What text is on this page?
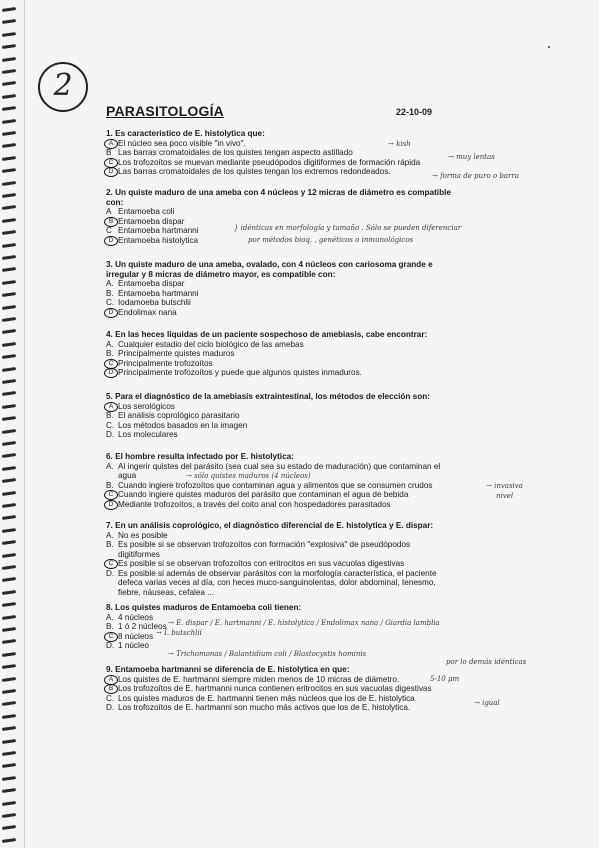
2
PARASITOLOGÍA	22-10-09
1. Es característico de E. histolytica que:
A El núcleo sea poco visible "in vivo".
B Las barras cromatoidales de los quistes tengan aspecto astillado
C Los trofozoítos se muevan mediante pseudópodos digitiformes de formación rápida
D Las barras cromatoidales de los quistes tengan los extremos redondeados.
2. Un quiste maduro de una ameba con 4 núcleos y 12 micras de diámetro es compatible
con:
A Entamoeba coli
B Entamoeba dispar
C Entamoeba hartmanni
D Entamoeba histolytica
3. Un quiste maduro de una ameba, ovalado, con 4 núcleos con cariosoma grande e
irregular y 8 micras de diámetro mayor, es compatible con:
A. Entamoeba dispar
B. Entamoeba hartmanni
C. Iodamoeba butschlii
D Endolimax nana
4. En las heces líquidas de un paciente sospechoso de amebiasis, cabe encontrar:
A. Cualquier estadio del ciclo biológico de las amebas
B. Principalmente quistes maduros
C Principalmente trofozoítos
D Principalmente trofozoítos y puede que algunos quistes inmaduros.
5. Para el diagnóstico de la amebiasis extraintestinal, los métodos de elección son:
A Los serológicos
B. El análisis coprológico parasitario
C. Los métodos basados en la imagen
D. Los moleculares
6. El hombre resulta infectado por E. histolytica:
A. Al ingerir quistes del parásito (sea cual sea su estado de maduración) que contaminan el
agua
B. Cuando ingiere trofozoítos que contaminan agua y alimentos que se consumen crudos
C Cuando ingiere quistes maduros del parásito que contaminan el agua de bebida
D Mediante trofozoítos, a través del coito anal con hospedadores parasitados
7. En un análisis coprológico, el diagnóstico diferencial de E. histolytica y E. dispar:
A. No es posible
B. Es posible si se observan trofozoítos con formación "explosiva" de pseudópodos
digitiformes
C Es posible si se observan trofozoítos con eritrocitos en sus vacuolas digestivas
D. Es posible si además de observar parásitos con la morfología característica, el paciente
defeca varias veces al día, con heces muco-sanguinolentas, dolor abdominal, tenesmo,
fiebre, náuseas, cefalea ...
8. Los quistes maduros de Entamoeba coli tienen:
A. 4 núcleos
B. 1 ó 2 núcleos
C 8 núcleos
D. 1 núcleo
9. Entamoeba hartmanni se diferencia de E. histolytica en que:
A Los quistes de E. hartmanni siempre miden menos de 10 micras de diámetro.
B Los trofozoítos de E. hartmanni nunca contienen eritrocitos en sus vacuolas digestivas
C. Los quistes maduros de E. hartmanni tienen más núcleos que los de E. histolytica
D. Los trofozoítos de E. hartmanni son mucho más activos que los de E. histolytica.
→ kish
→ muy lentas
→ forma de puro o barra
} idénticas en morfología y tamaño . Sólo se pueden diferenciar
por métodos bioq. , genéticos o inmunológicos
→ sólo quistes maduros (4 núcleos)
→ invasiva
nivel
→ E. dispar / E. hartmanni / E. histolytica / Endolimax nana / Giardia lamblia
→ I. butschlii
→ Trichomonas / Balantidium coli / Blastocystis hominis
por lo demás idénticas
5-10 μm
→ igual
